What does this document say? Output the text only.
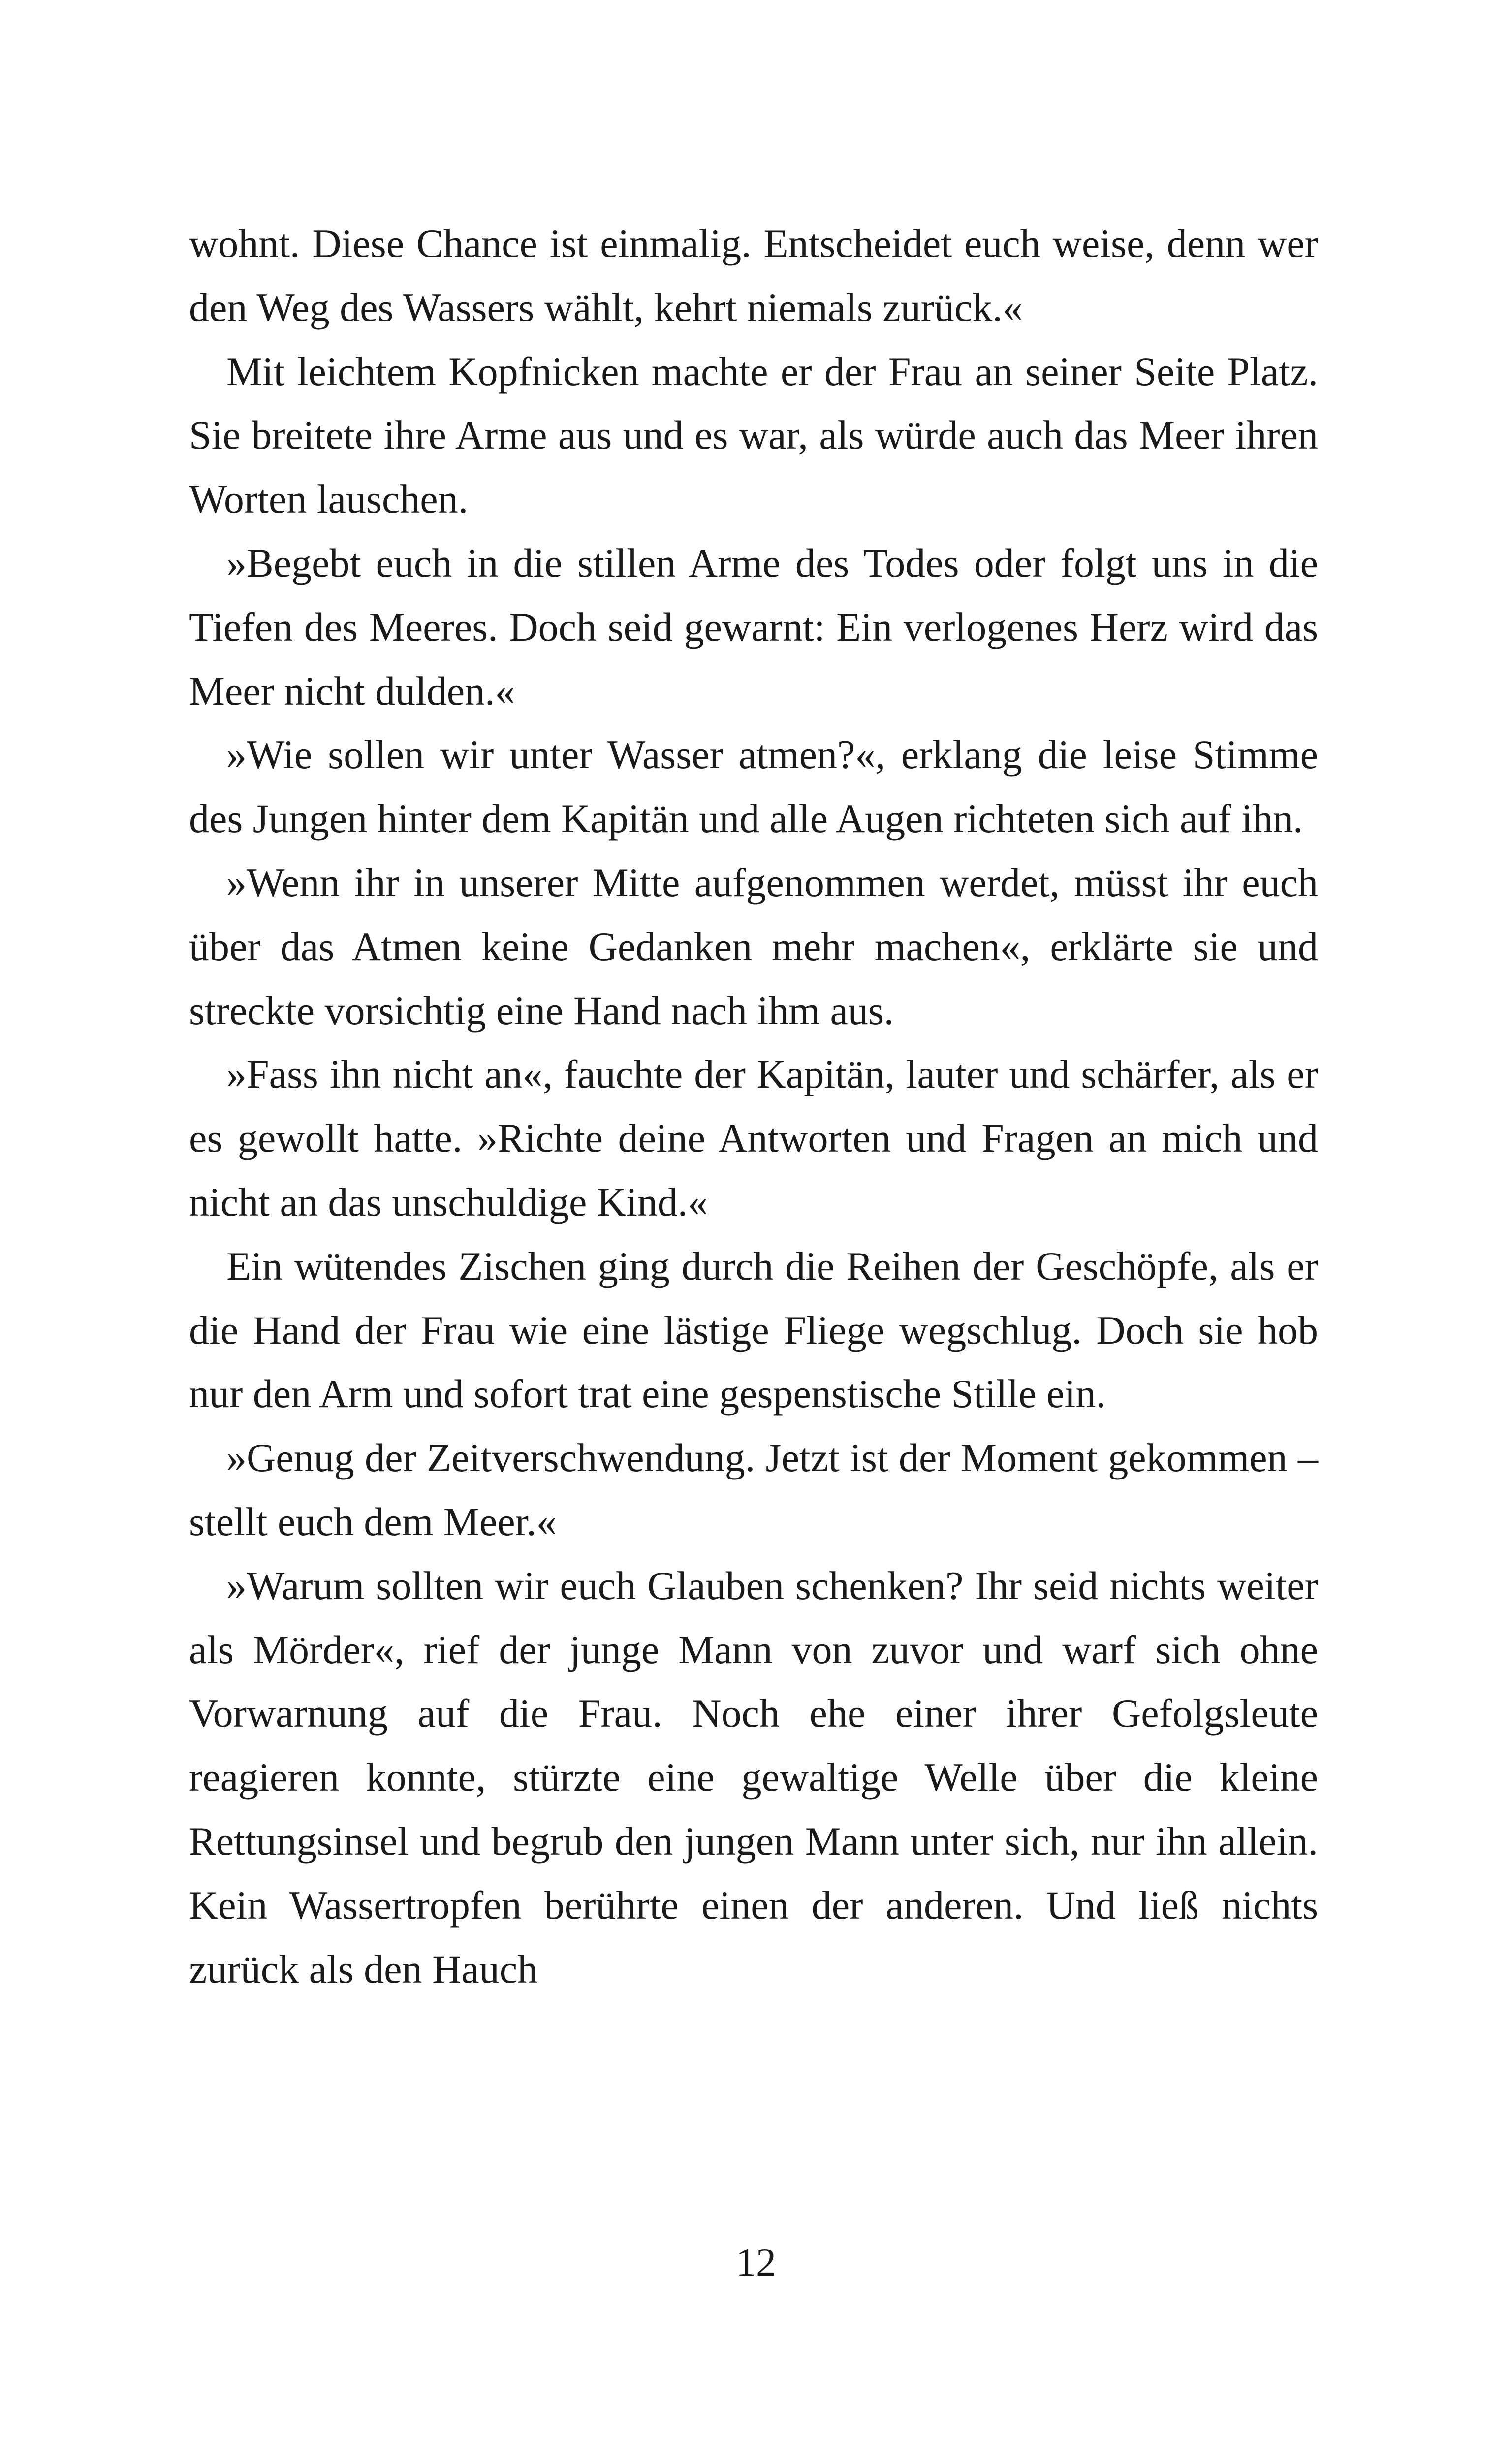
wohnt. Diese Chance ist einmalig. Entscheidet euch weise, denn wer den Weg des Wassers wählt, kehrt niemals zurück.«

Mit leichtem Kopfnicken machte er der Frau an seiner Seite Platz. Sie breitete ihre Arme aus und es war, als würde auch das Meer ihren Worten lauschen.

»Begebt euch in die stillen Arme des Todes oder folgt uns in die Tiefen des Meeres. Doch seid gewarnt: Ein verlogenes Herz wird das Meer nicht dulden.«

»Wie sollen wir unter Wasser atmen?«, erklang die leise Stimme des Jungen hinter dem Kapitän und alle Augen richteten sich auf ihn.

»Wenn ihr in unserer Mitte aufgenommen werdet, müsst ihr euch über das Atmen keine Gedanken mehr machen«, erklärte sie und streckte vorsichtig eine Hand nach ihm aus.

»Fass ihn nicht an«, fauchte der Kapitän, lauter und schärfer, als er es gewollt hatte. »Richte deine Antworten und Fragen an mich und nicht an das unschuldige Kind.«

Ein wütendes Zischen ging durch die Reihen der Geschöpfe, als er die Hand der Frau wie eine lästige Fliege wegschlug. Doch sie hob nur den Arm und sofort trat eine gespenstische Stille ein.

»Genug der Zeitverschwendung. Jetzt ist der Moment gekommen – stellt euch dem Meer.«

»Warum sollten wir euch Glauben schenken? Ihr seid nichts weiter als Mörder«, rief der junge Mann von zuvor und warf sich ohne Vorwarnung auf die Frau. Noch ehe einer ihrer Gefolgsleute reagieren konnte, stürzte eine gewaltige Welle über die kleine Rettungsinsel und begrub den jungen Mann unter sich, nur ihn allein. Kein Wassertropfen berührte einen der anderen. Und ließ nichts zurück als den Hauch

12
